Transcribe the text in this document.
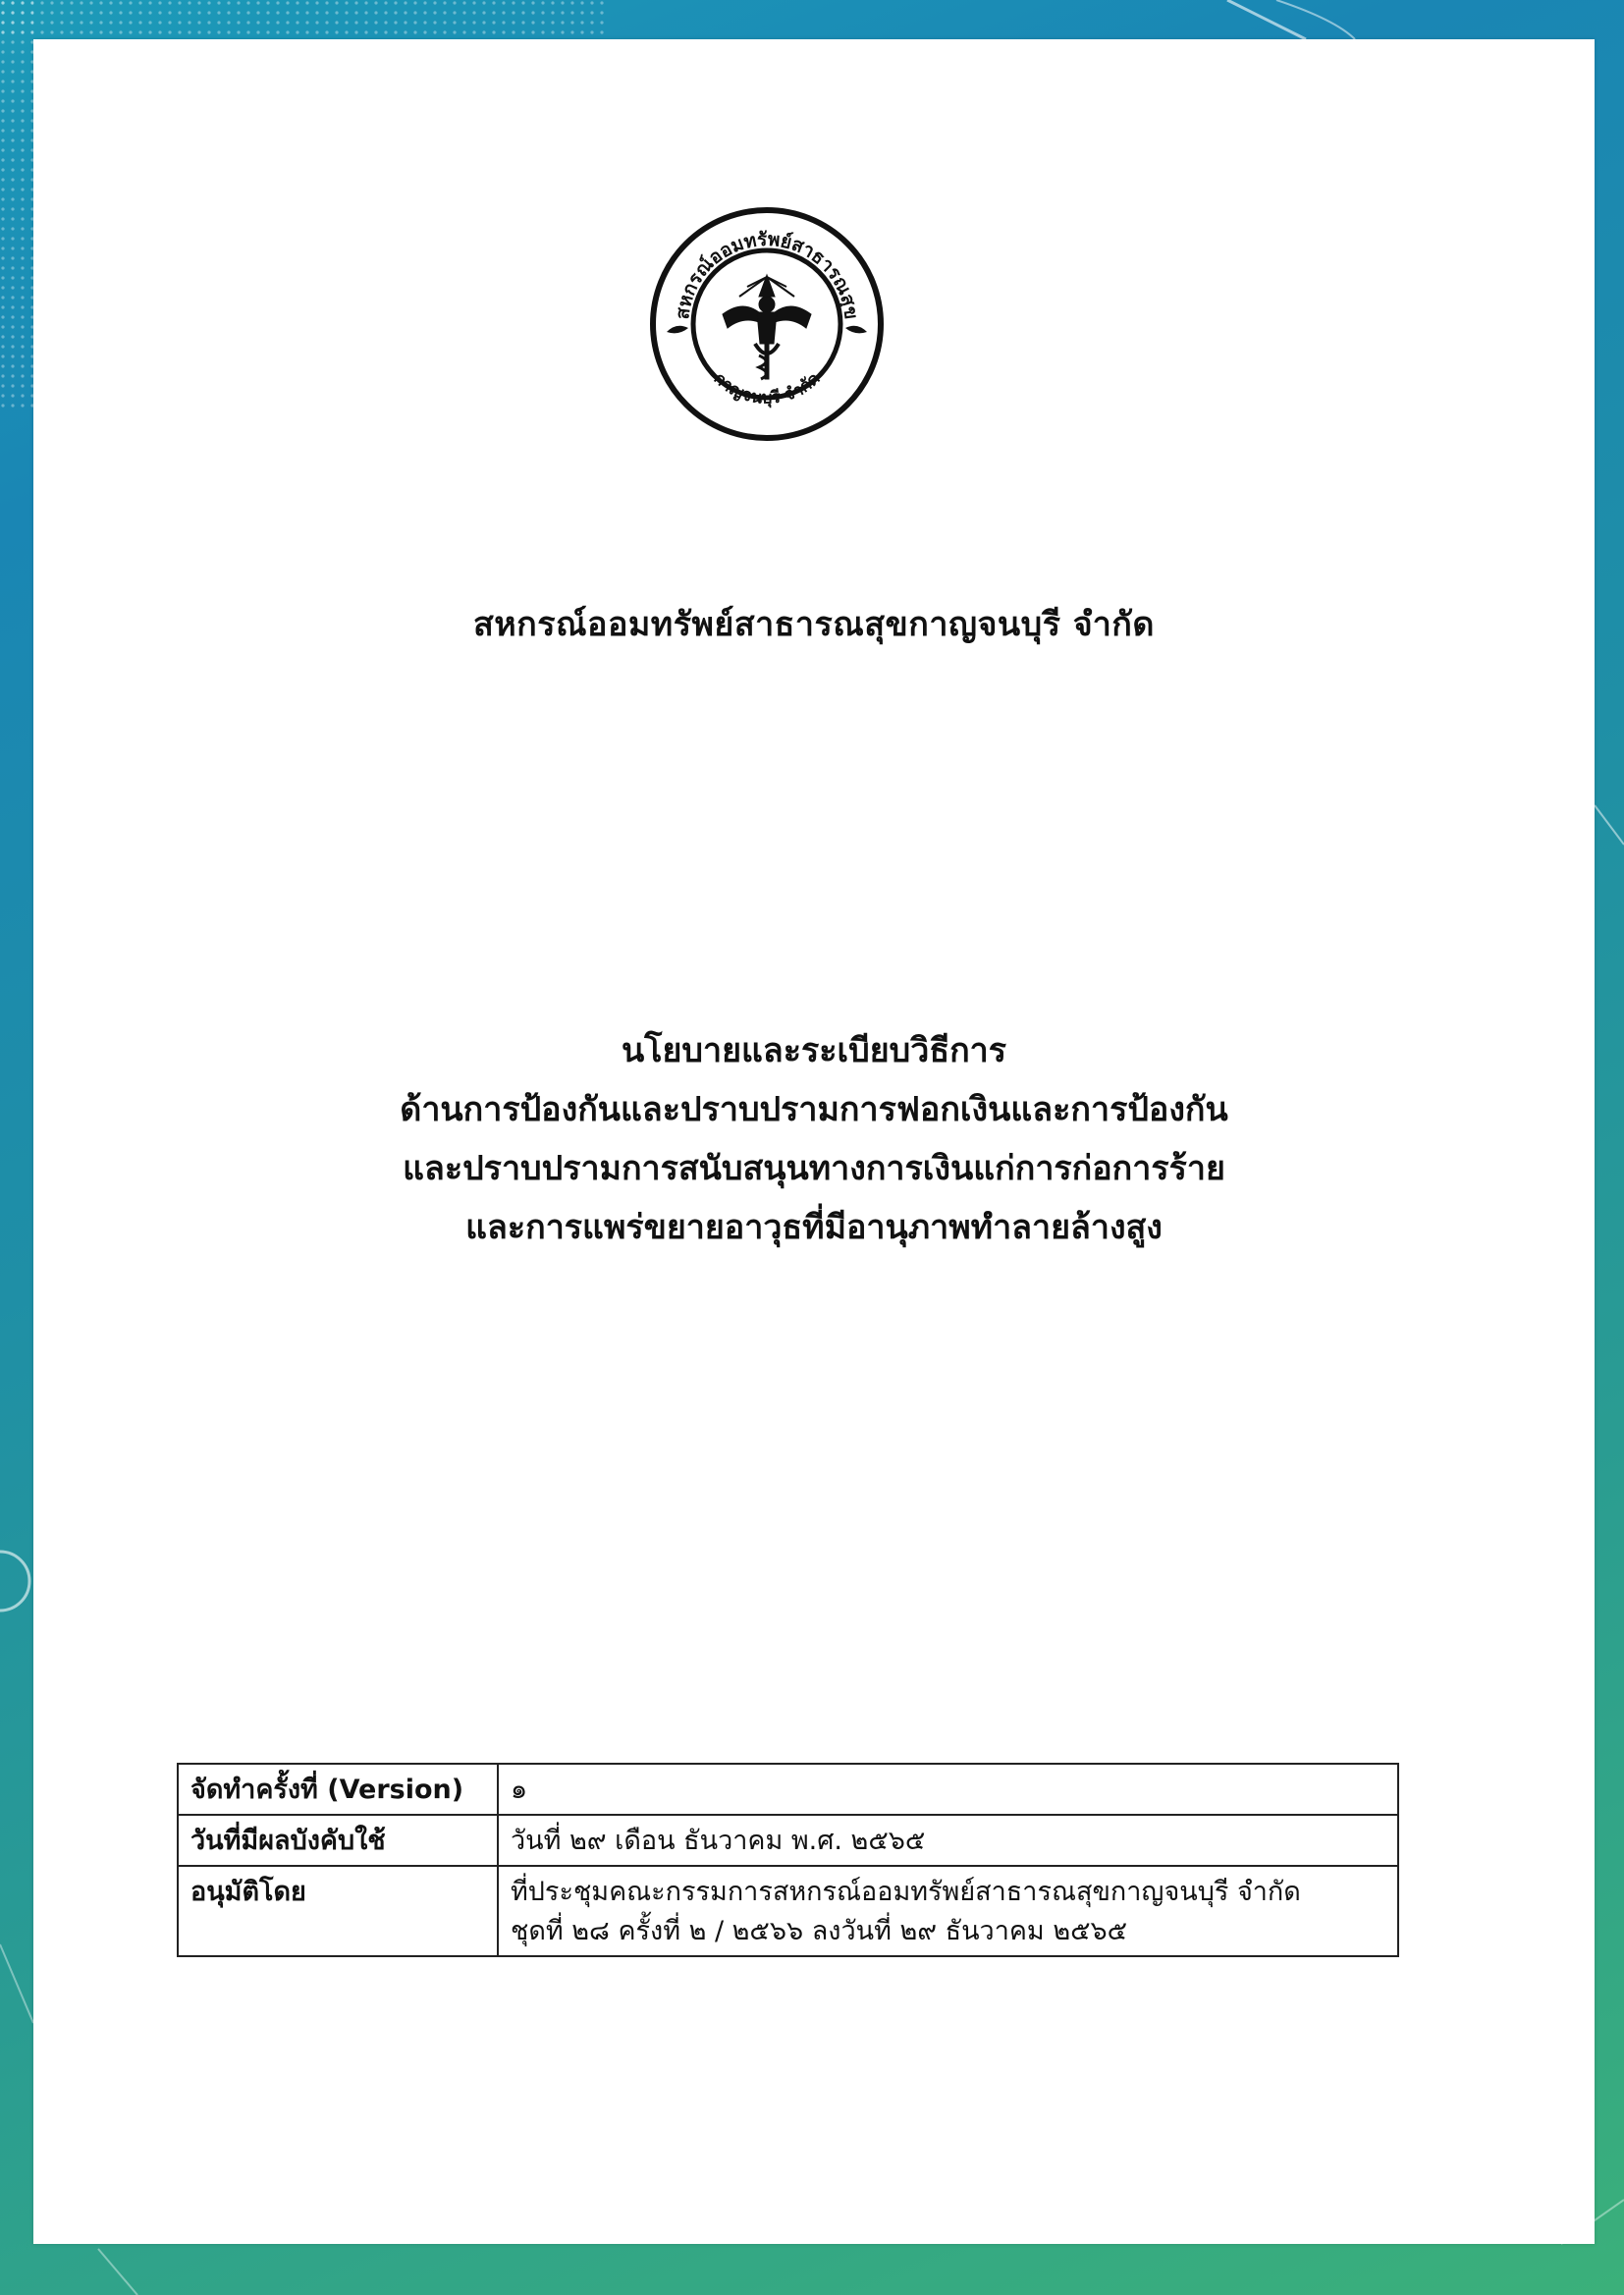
สหกรณ์ออมทรัพย์สาธารณสุข
กาญจนบุรี จำกัด
สหกรณ์ออมทรัพย์สาธารณสุขกาญจนบุรี จำกัด
นโยบายและระเบียบวิธีการ
ด้านการป้องกันและปราบปรามการฟอกเงินและการป้องกัน
และปราบปรามการสนับสนุนทางการเงินแก่การก่อการร้าย
และการแพร่ขยายอาวุธที่มีอานุภาพทำลายล้างสูง
จัดทำครั้งที่ (Version)	๑
วันที่มีผลบังคับใช้	วันที่ ๒๙ เดือน ธันวาคม พ.ศ. ๒๕๖๕
อนุมัติโดย	ที่ประชุมคณะกรรมการสหกรณ์ออมทรัพย์สาธารณสุขกาญจนบุรี จำกัด
ชุดที่ ๒๘ ครั้งที่ ๒ / ๒๕๖๖ ลงวันที่ ๒๙ ธันวาคม ๒๕๖๕
